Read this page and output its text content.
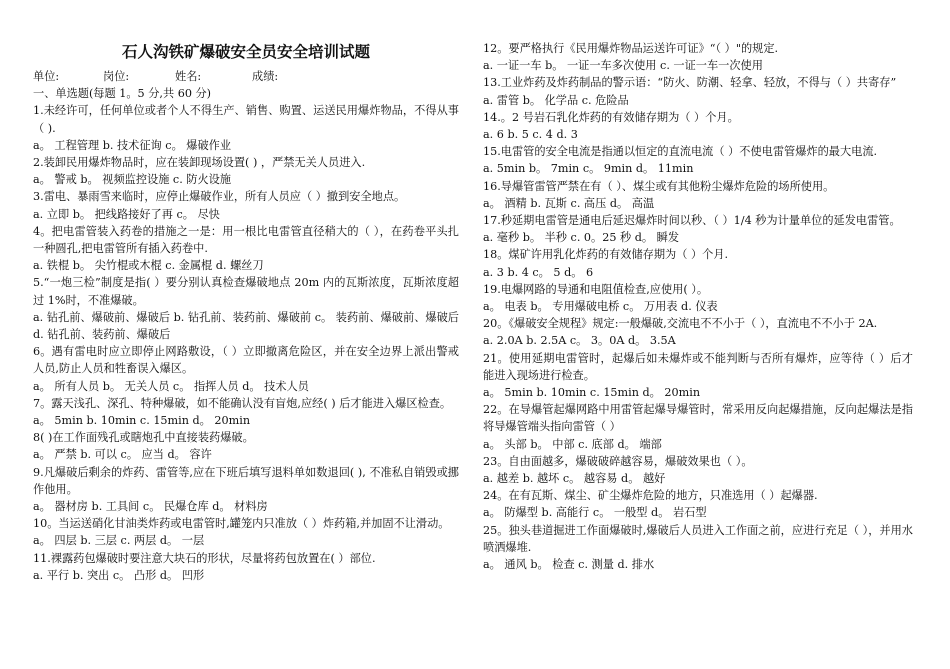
石人沟铁矿爆破安全员安全培训试题
单位:	岗位:	姓名:	成绩:

一、单选题(每题 1。5 分,共 60 分)

1.未经许可，任何单位或者个人不得生产、销售、购置、运送民用爆炸物品，不得从事（ ).

a。 工程管理 b. 技术征询 c。 爆破作业

2.装卸民用爆炸物品时，应在装卸现场设置( ) ，严禁无关人员进入.

a。 警戒 b。 视频监控设施 c. 防火设施

3.雷电、暴雨雪来临时，应停止爆破作业，所有人员应（ ）撤到安全地点。

a. 立即 b。 把线路接好了再 c。 尽快

4。把电雷管装入药卷的措施之一是：用一根比电雷管直径稍大的（ ），在药卷平头扎一种圆孔,把电雷管所有插入药卷中.

a. 铁棍 b。 尖竹棍或木棍 c. 金属棍 d. 螺丝刀

5.“一炮三检”制度是指( ）要分别认真检查爆破地点 20m 内的瓦斯浓度，瓦斯浓度超过 1%时，不准爆破。

a. 钻孔前、爆破前、爆破后 b. 钻孔前、装药前、爆破前 c。 装药前、爆破前、爆破后 d. 钻孔前、装药前、爆破后

6。遇有雷电时应立即停止网路敷设，（ ）立即撤离危险区，并在安全边界上派出警戒人员,防止人员和牲畜误入爆区。

a。 所有人员 b。 无关人员 c。 指挥人员 d。 技术人员

7。露天浅孔、深孔、特种爆破，如不能确认没有盲炮,应经( ) 后才能进入爆区检查。

a。 5min b. 10min c. 15min d。 20min

8( )在工作面残孔或瞎炮孔中直接装药爆破。

a。 严禁 b. 可以 c。 应当 d。 容许

9.凡爆破后剩余的炸药、雷管等,应在下班后填写退料单如数退回( ), 不准私自销毁或挪作他用。

a。 器材房 b. 工具间 c。 民爆仓库 d。 材料房

10。当运送硝化甘油类炸药或电雷管时,罐笼内只准放（ ）炸药箱,并加固不让滑动。

a。 四层 b. 三层 c. 两层 d。 一层

11.裸露药包爆破时要注意大块石的形状，尽量将药包放置在( ）部位.

a. 平行 b. 突出 c。 凸形 d。 凹形

12。要严格执行《民用爆炸物品运送许可证》“（ ）"的规定.

a. 一证一车 b。 一证一车多次使用 c. 一证一车一次使用

13.工业炸药及炸药制品的警示语：“防火、防潮、轻拿、轻放，不得与（ ）共寄存”

a. 雷管 b。 化学品 c. 危险品

14.。2 号岩石乳化炸药的有效储存期为（ ）个月。

a. 6 b. 5 c. 4 d. 3

15.电雷管的安全电流是指通以恒定的直流电流（ ）不使电雷管爆炸的最大电流.

a. 5min b。 7min c。 9min d。 11min

16.导爆管雷管严禁在有（ ）、煤尘或有其他粉尘爆炸危险的场所使用。

a。 酒精 b. 瓦斯 c. 高压 d。 高温

17.秒延期电雷管是通电后延迟爆炸时间以秒、（ ）1/4 秒为计量单位的延发电雷管。

a. 毫秒 b。 半秒 c. 0。25 秒 d。 瞬发

18。煤矿许用乳化炸药的有效储存期为（ ）个月.

a. 3 b. 4 c。 5 d。 6

19.电爆网路的导通和电阻值检查,应使用( ）。

a。 电表 b。 专用爆破电桥 c。 万用表 d. 仪表

20。《爆破安全规程》规定:一般爆破,交流电不不小于（ ），直流电不不小于 2A.

a. 2.0A b. 2.5A c。 3。0A d。 3.5A

21。使用延期电雷管时，起爆后如未爆炸或不能判断与否所有爆炸，应等待（ ）后才能进入现场进行检查。

a。 5min b. 10min c. 15min d。 20min

22。在导爆管起爆网路中用雷管起爆导爆管时，常采用反向起爆措施，反向起爆法是指将导爆管端头指向雷管（ ）

a。 头部 b。 中部 c. 底部 d。 端部

23。自由面越多，爆破破碎越容易，爆破效果也（ ）。

a. 越差 b. 越坏 c。 越容易 d。 越好

24。在有瓦斯、煤尘、矿尘爆炸危险的地方，只准选用（ ）起爆器.

a。 防爆型 b. 高能行 c。 一般型 d。 岩石型

25。独头巷道掘进工作面爆破时,爆破后人员进入工作面之前，应进行充足（ ），并用水喷洒爆堆.

a。 通风 b。 检查 c. 测量 d. 排水
